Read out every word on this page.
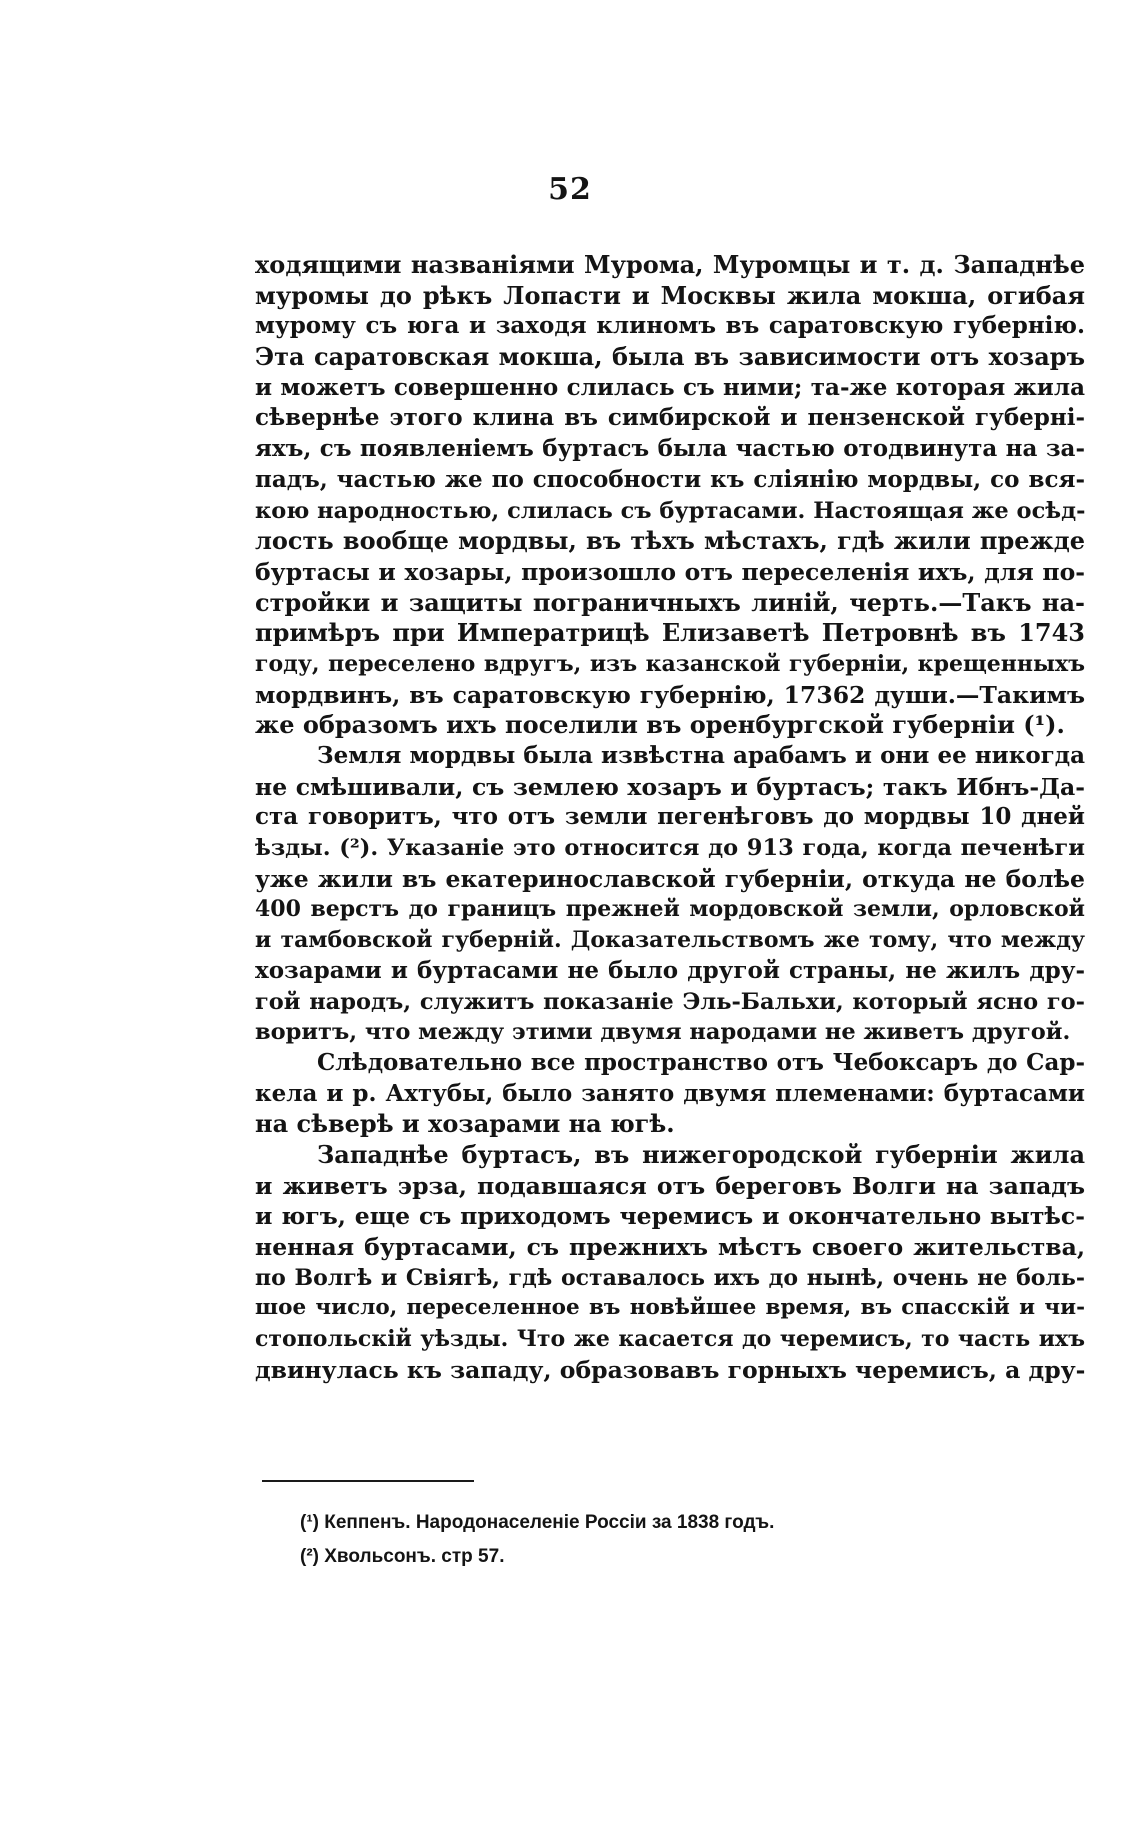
52
ходящими названіями Мурома, Муромцы и т. д. Западнѣе
муромы до рѣкъ Лопасти и Москвы жила мокша, огибая
мурому съ юга и заходя клиномъ въ саратовскую губернію.
Эта саратовская мокша, была въ зависимости отъ хозаръ
и можетъ совершенно слилась съ ними; та-же которая жила
сѣвернѣе этого клина въ симбирской и пензенской губерні-
яхъ, съ появленіемъ буртасъ была частью отодвинута на за-
падъ, частью же по способности къ слiянiю мордвы, со вся-
кою народностью, слилась съ буртасами. Настоящая же осѣд-
лость вообще мордвы, въ тѣхъ мѣстахъ, гдѣ жили прежде
буртасы и хозары, произошло отъ переселенія ихъ, для по-
стройки и защиты пограничныхъ линій, черть.—Такъ на-
примѣръ при Императрицѣ Елизаветѣ Петровнѣ въ 1743
году, переселено вдругъ, изъ казанской губерніи, крещенныхъ
мордвинъ, въ саратовскую губернію, 17362 души.—Такимъ
же образомъ ихъ поселили въ оренбургской губерніи (¹).
Земля мордвы была извѣстна арабамъ и они ее никогда
не смѣшивали, съ землею хозаръ и буртасъ; такъ Ибнъ-Да-
ста говоритъ, что отъ земли пегенѣговъ до мордвы 10 дней
ѣзды. (²). Указаніе это относится до 913 года, когда печенѣги
уже жили въ екатеринославской губерніи, откуда не болѣе
400 верстъ до границъ прежней мордовской земли, орловской
и тамбовской губерній. Доказательствомъ же тому, что между
хозарами и буртасами не было другой страны, не жилъ дру-
гой народъ, служитъ показаніе Эль-Бальхи, который ясно го-
воритъ, что между этими двумя народами не живетъ другой.
Слѣдовательно все пространство отъ Чебоксаръ до Сар-
кела и р. Ахтубы, было занято двумя племенами: буртасами
на сѣверѣ и хозарами на югѣ.
Западнѣе буртасъ, въ нижегородской губерніи жила
и живетъ эрза, подавшаяся отъ береговъ Волги на западъ
и югъ, еще съ приходомъ черемисъ и окончательно вытѣс-
ненная буртасами, съ прежнихъ мѣстъ своего жительства,
по Волгѣ и Свіягѣ, гдѣ оставалось ихъ до нынѣ, очень не боль-
шое число, переселенное въ новѣйшее время, въ спасскій и чи-
стопольскій уѣзды. Что же касается до черемисъ, то часть ихъ
двинулась къ западу, образовавъ горныхъ черемисъ, а дру-
(¹) Кеппенъ. Народонаселеніе Россіи за 1838 годъ.
(²) Хвольсонъ. стр 57.
